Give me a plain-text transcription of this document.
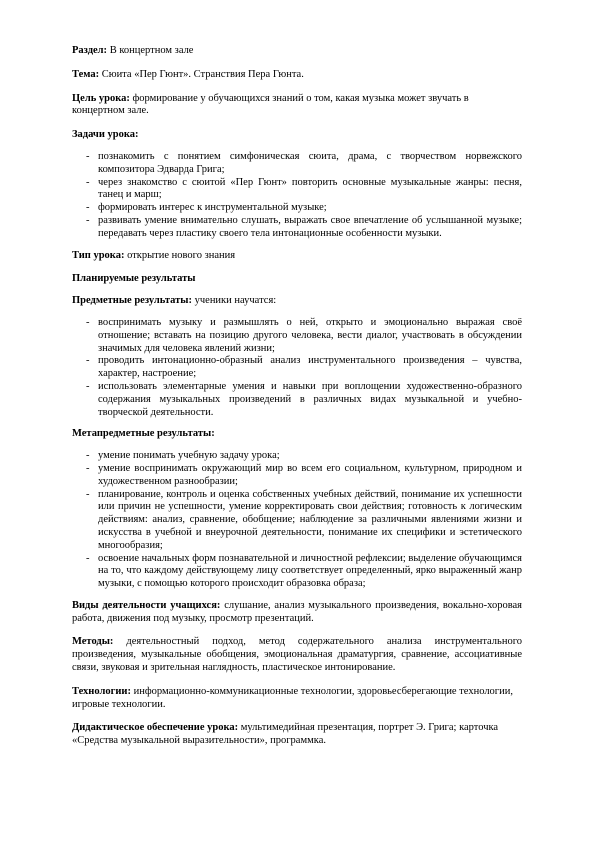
Раздел: В концертном зале

Тема: Сюита «Пер Гюнт». Странствия Пера Гюнта.

Цель урока: формирование у обучающихся знаний о том, какая музыка может звучать в концертном зале.

Задачи урока:

- познакомить с понятием симфоническая сюита, драма, с творчеством норвежского композитора Эдварда Грига;
- через знакомство с сюитой «Пер Гюнт» повторить основные музыкальные жанры: песня, танец и марш;
- формировать интерес к инструментальной музыке;
- развивать умение внимательно слушать, выражать свое впечатление об услышанной музыке; передавать через пластику своего тела интонационные особенности музыки.

Тип урока: открытие нового знания

Планируемые результаты

Предметные результаты: ученики научатся:

- воспринимать музыку и размышлять о ней, открыто и эмоционально выражая своё отношение; вставать на позицию другого человека, вести диалог, участвовать в обсуждении значимых для человека явлений жизни;
- проводить интонационно-образный анализ инструментального произведения – чувства, характер, настроение;
- использовать элементарные умения и навыки при воплощении художественно-образного содержания музыкальных произведений в различных видах музыкальной и учебно-творческой деятельности.

Метапредметные результаты:

- умение понимать учебную задачу урока;
- умение воспринимать окружающий мир во всем его социальном, культурном, природном и художественном разнообразии;
- планирование, контроль и оценка собственных учебных действий, понимание их успешности или причин не успешности, умение корректировать свои действия; готовность к логическим действиям: анализ, сравнение, обобщение; наблюдение за различными явлениями жизни и искусства в учебной и внеурочной деятельности, понимание их специфики и эстетического многообразия;
- освоение начальных форм познавательной и личностной рефлексии; выделение обучающимся на то, что каждому действующему лицу соответствует определенный, ярко выраженный жанр музыки, с помощью которого происходит образовка образа;

Виды деятельности учащихся: слушание, анализ музыкального произведения, вокально-хоровая работа, движения под музыку, просмотр презентаций.

Методы: деятельностный подход, метод содержательного анализа инструментального произведения, музыкальные обобщения, эмоциональная драматургия, сравнение, ассоциативные связи, звуковая и зрительная наглядность, пластическое интонирование.

Технологии: информационно-коммуникационные технологии, здоровьесберегающие технологии, игровые технологии.

Дидактическое обеспечение урока: мультимедийная презентация, портрет Э. Грига; карточка «Средства музыкальной выразительности», программка.
